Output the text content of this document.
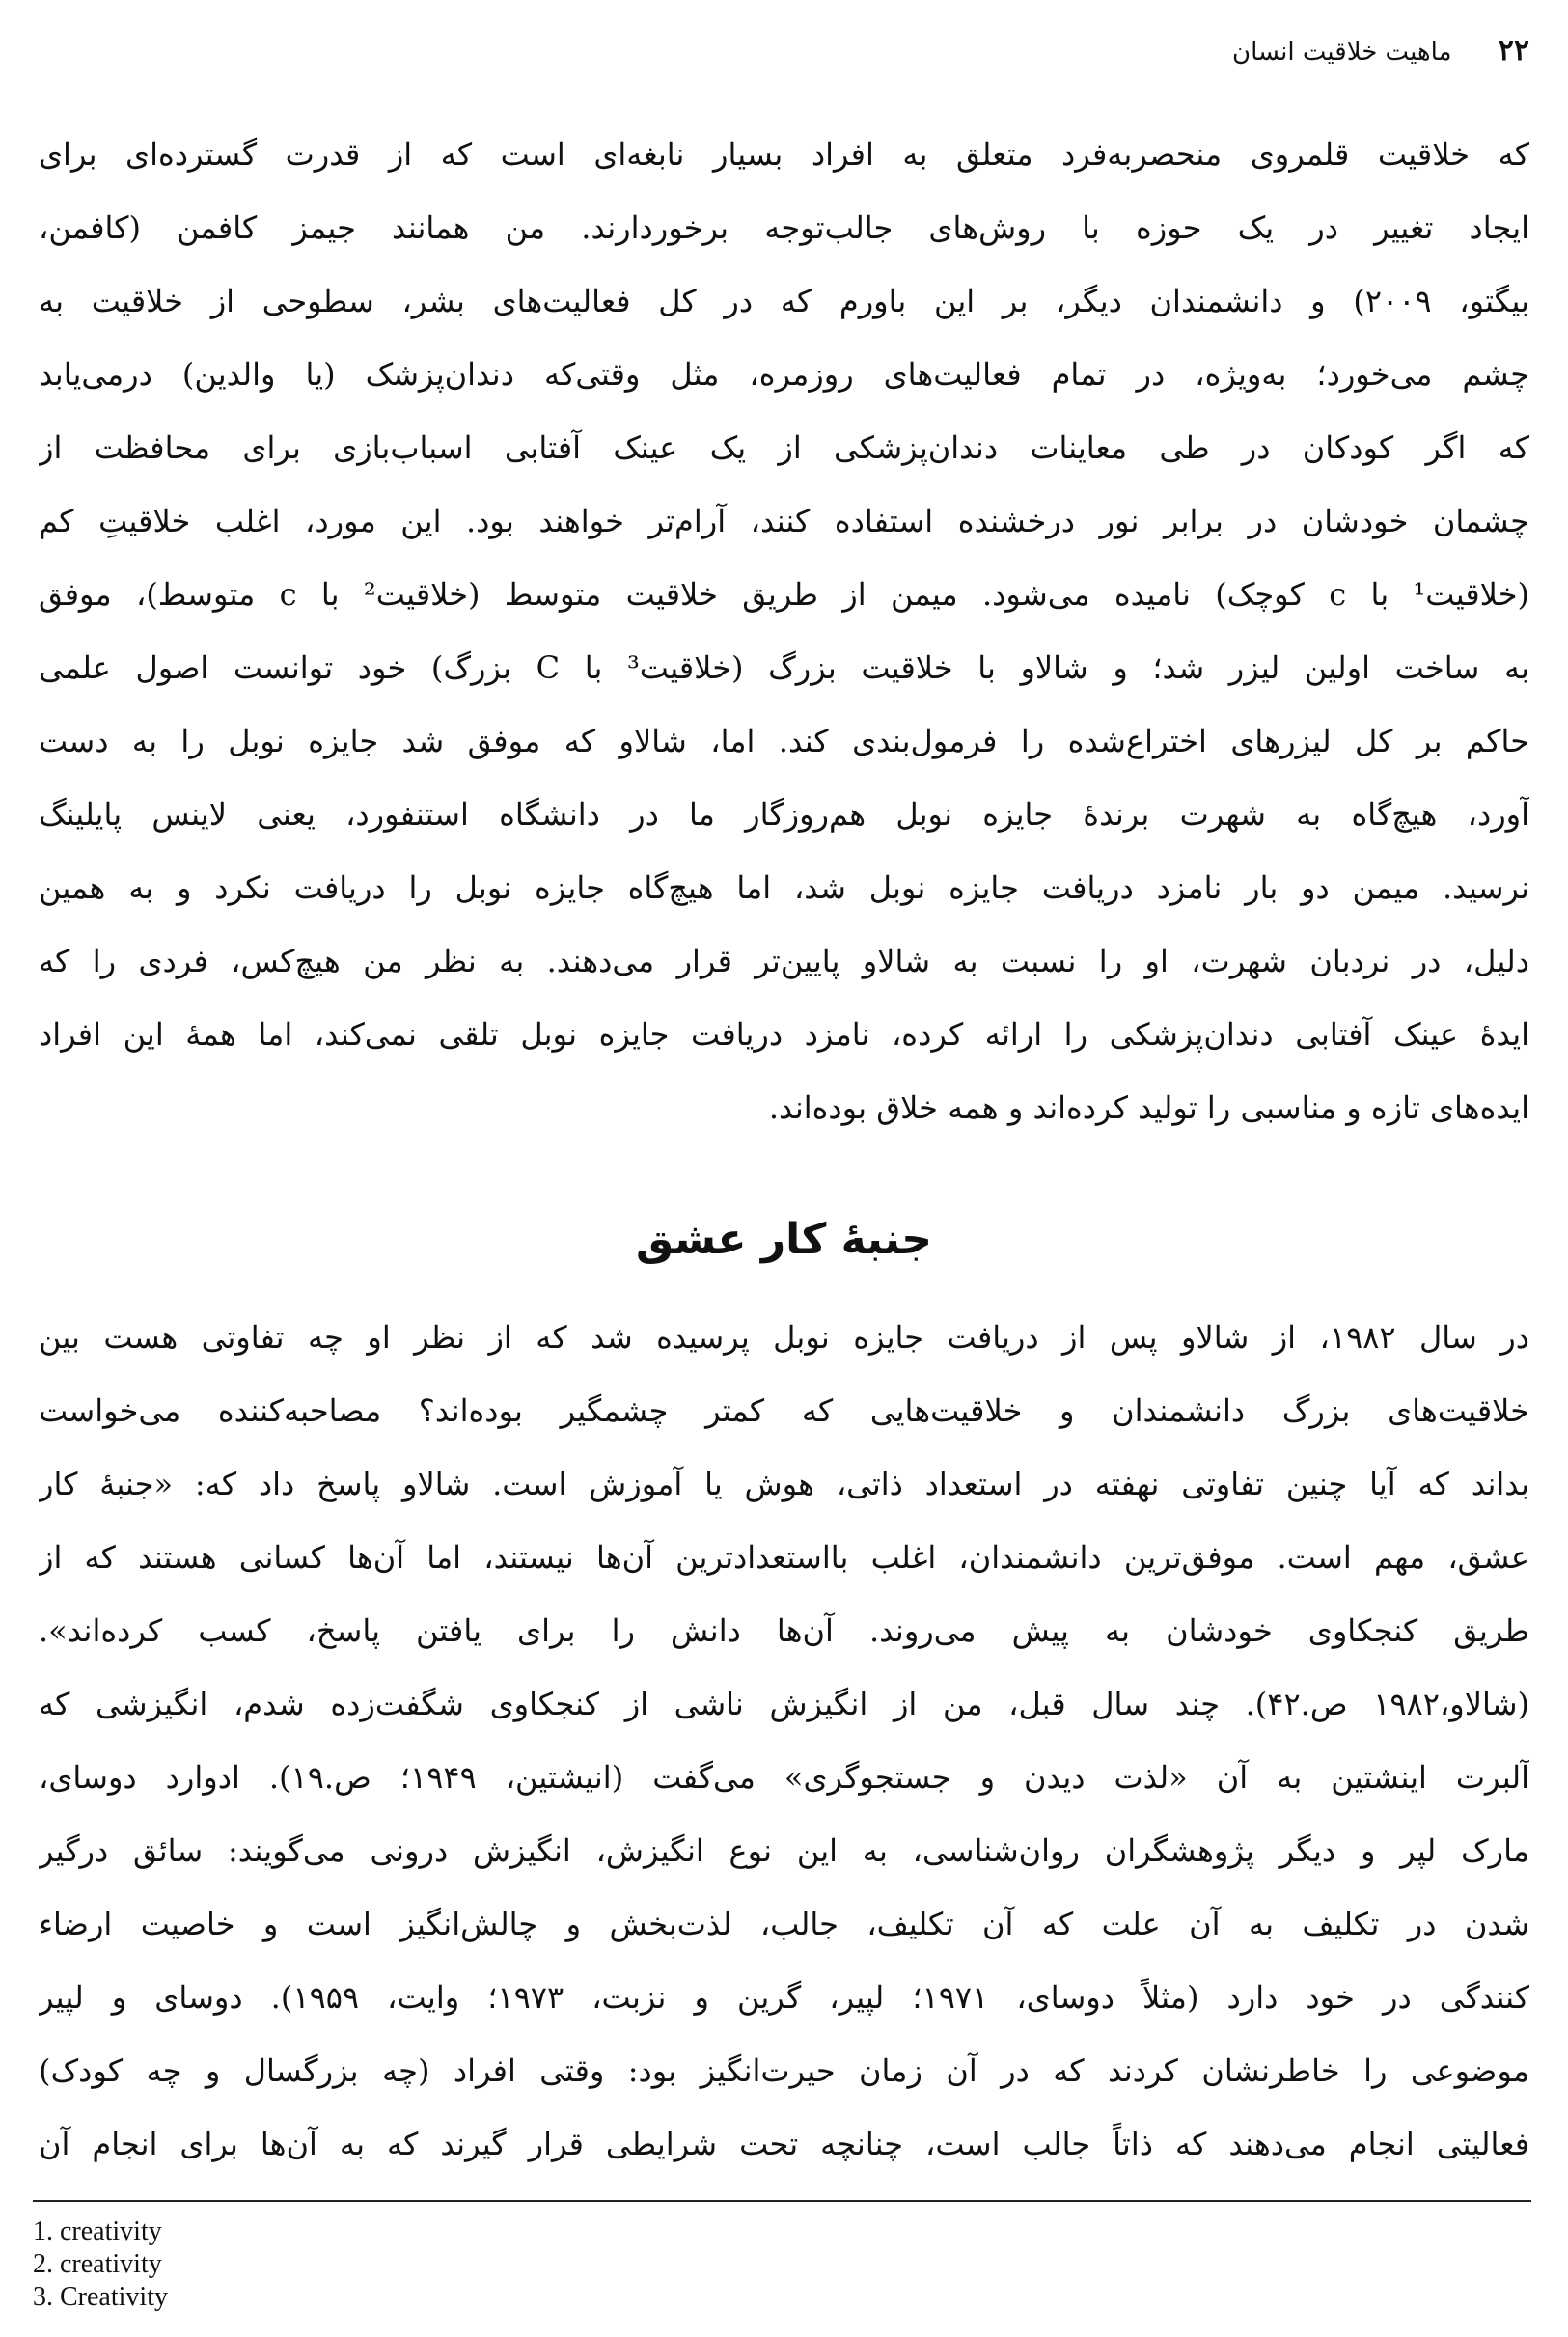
۲۲ ماهیت خلاقیت انسان
که خلاقیت قلمروی منحصربه‌فرد متعلق به افراد بسیار نابغه‌ای است که از قدرت گسترده‌ای برای
ایجاد تغییر در یک حوزه با روش‌های جالب‌توجه برخوردارند. من همانند جیمز کافمن (کافمن،
بیگتو، ۲۰۰۹) و دانشمندان دیگر، بر این باورم که در کل فعالیت‌های بشر، سطوحی از خلاقیت به
چشم می‌خورد؛ به‌ویژه، در تمام فعالیت‌های روزمره، مثل وقتی‌که دندان‌پزشک (یا والدین) درمی‌یابد
که اگر کودکان در طی معاینات دندان‌پزشکی از یک عینک آفتابی اسباب‌بازی برای محافظت از
چشمان خودشان در برابر نور درخشنده استفاده کنند، آرام‌تر خواهند بود. این مورد، اغلب خلاقیتِ کم
(خلاقیت¹ با c کوچک) نامیده می‌شود. میمن از طریق خلاقیت متوسط (خلاقیت² با c متوسط)، موفق
به ساخت اولین لیزر شد؛ و شالاو با خلاقیت بزرگ (خلاقیت³ با C بزرگ) خود توانست اصول علمی
حاکم بر کل لیزرهای اختراع‌شده را فرمول‌بندی کند. اما، شالاو که موفق شد جایزه نوبل را به دست
آورد، هیچ‌گاه به شهرت برندهٔ جایزه نوبل هم‌روزگار ما در دانشگاه استنفورد، یعنی لاینس پایلینگ
نرسید. میمن دو بار نامزد دریافت جایزه نوبل شد، اما هیچ‌گاه جایزه نوبل را دریافت نکرد و به همین
دلیل، در نردبان شهرت، او را نسبت به شالاو پایین‌تر قرار می‌دهند. به نظر من هیچ‌کس، فردی را که
ایدهٔ عینک آفتابی دندان‌پزشکی را ارائه کرده، نامزد دریافت جایزه نوبل تلقی نمی‌کند، اما همهٔ این افراد
ایده‌های تازه و مناسبی را تولید کرده‌اند و همه خلاق بوده‌اند.
جنبهٔ کار عشق
در سال ۱۹۸۲، از شالاو پس از دریافت جایزه نوبل پرسیده شد که از نظر او چه تفاوتی هست بین
خلاقیت‌های بزرگ دانشمندان و خلاقیت‌هایی که کمتر چشمگیر بوده‌اند؟ مصاحبه‌کننده می‌خواست
بداند که آیا چنین تفاوتی نهفته در استعداد ذاتی، هوش یا آموزش است. شالاو پاسخ داد که: «جنبهٔ کار
عشق، مهم است. موفق‌ترین دانشمندان، اغلب بااستعدادترین آن‌ها نیستند، اما آن‌ها کسانی هستند که از
طریق کنجکاوی خودشان به پیش می‌روند. آن‌ها دانش را برای یافتن پاسخ، کسب کرده‌اند».
(شالاو،۱۹۸۲ ص.۴۲). چند سال قبل، من از انگیزش ناشی از کنجکاوی شگفت‌زده شدم، انگیزشی که
آلبرت اینشتین به آن «لذت دیدن و جستجوگری» می‌گفت (انیشتین، ۱۹۴۹؛ ص.۱۹). ادوارد دوسای،
مارک لپر و دیگر پژوهشگران روان‌شناسی، به این نوع انگیزش، انگیزش درونی می‌گویند: سائق درگیر
شدن در تکلیف به آن علت که آن تکلیف، جالب، لذت‌بخش و چالش‌انگیز است و خاصیت ارضاء
کنندگی در خود دارد (مثلاً دوسای، ۱۹۷۱؛ لپیر، گرین و نزبت، ۱۹۷۳؛ وایت، ۱۹۵۹). دوسای و لپیر
موضوعی را خاطرنشان کردند که در آن زمان حیرت‌انگیز بود: وقتی افراد (چه بزرگسال و چه کودک)
فعالیتی انجام می‌دهند که ذاتاً جالب است، چنانچه تحت شرایطی قرار گیرند که به آن‌ها برای انجام آن
1. creativity
2. creativity
3. Creativity
